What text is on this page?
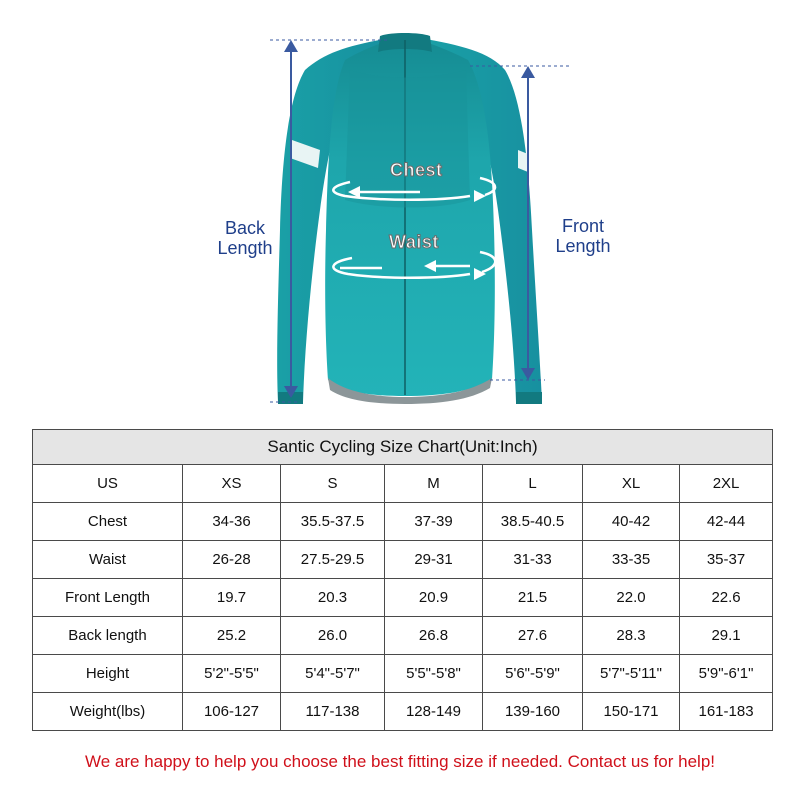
Back
Length
Front
Length
Chest
Waist
Santic Cycling Size Chart(Unit:Inch)						
US	XS	S	M	L	XL	2XL
Chest	34-36	35.5-37.5	37-39	38.5-40.5	40-42	42-44
Waist	26-28	27.5-29.5	29-31	31-33	33-35	35-37
Front Length	19.7	20.3	20.9	21.5	22.0	22.6
Back length	25.2	26.0	26.8	27.6	28.3	29.1
Height	5'2"-5'5"	5'4"-5'7"	5'5"-5'8"	5'6"-5'9"	5'7"-5'11"	5'9"-6'1"
Weight(lbs)	106-127	117-138	128-149	139-160	150-171	161-183
We are happy to help you choose the best fitting size if needed. Contact us for help!
